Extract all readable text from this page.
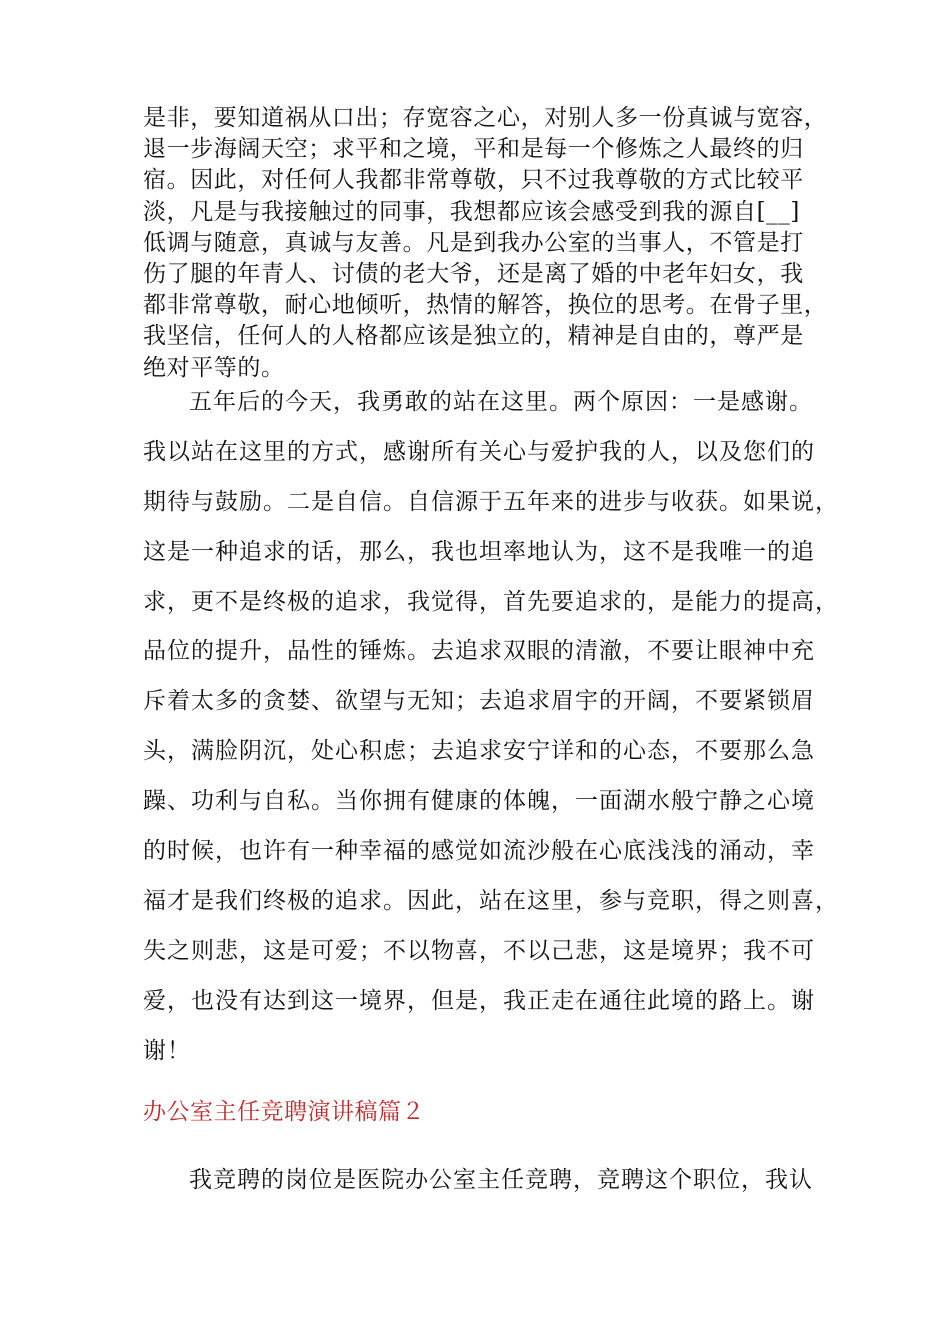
是非，要知道祸从口出；存宽容之心，对别人多一份真诚与宽容，
退一步海阔天空；求平和之境，平和是每一个修炼之人最终的归
宿。因此，对任何人我都非常尊敬，只不过我尊敬的方式比较平
淡，凡是与我接触过的同事，我想都应该会感受到我的源自[__]
低调与随意，真诚与友善。凡是到我办公室的当事人，不管是打
伤了腿的年青人、讨债的老大爷，还是离了婚的中老年妇女，我
都非常尊敬，耐心地倾听，热情的解答，换位的思考。在骨子里，
我坚信，任何人的人格都应该是独立的，精神是自由的，尊严是
绝对平等的。
五年后的今天，我勇敢的站在这里。两个原因：一是感谢。
我以站在这里的方式，感谢所有关心与爱护我的人，以及您们的
期待与鼓励。二是自信。自信源于五年来的进步与收获。如果说，
这是一种追求的话，那么，我也坦率地认为，这不是我唯一的追
求，更不是终极的追求，我觉得，首先要追求的，是能力的提高，
品位的提升，品性的锤炼。去追求双眼的清澈，不要让眼神中充
斥着太多的贪婪、欲望与无知；去追求眉宇的开阔，不要紧锁眉
头，满脸阴沉，处心积虑；去追求安宁详和的心态，不要那么急
躁、功利与自私。当你拥有健康的体魄，一面湖水般宁静之心境
的时候，也许有一种幸福的感觉如流沙般在心底浅浅的涌动，幸
福才是我们终极的追求。因此，站在这里，参与竞职，得之则喜，
失之则悲，这是可爱；不以物喜，不以己悲，这是境界；我不可
爱，也没有达到这一境界，但是，我正走在通往此境的路上。谢
谢！
办公室主任竞聘演讲稿篇２
我竞聘的岗位是医院办公室主任竞聘，竞聘这个职位，我认
